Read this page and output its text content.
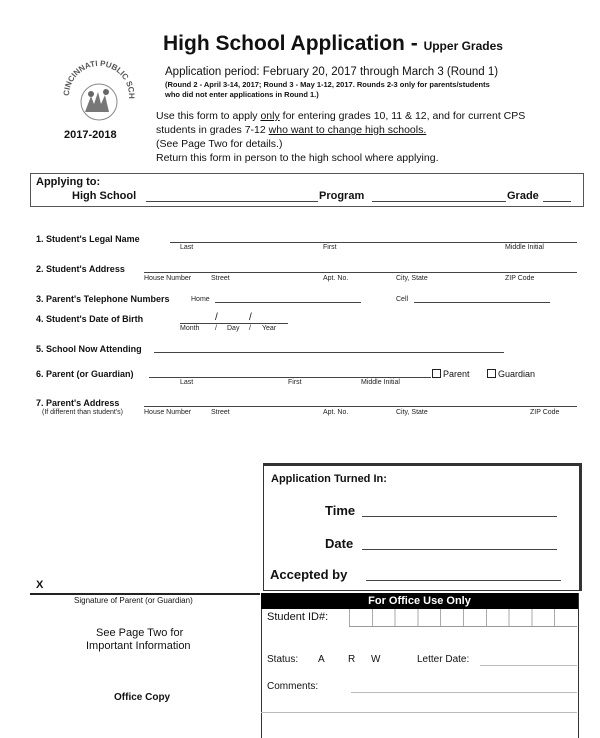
High School Application - Upper Grades
CINCINNATI PUBLIC SCH
2017-2018
Application period: February 20, 2017 through March 3 (Round 1)
(Round 2 - April 3-14, 2017; Round 3 - May 1-12, 2017. Rounds 2-3 only for parents/students
who did not enter applications in Round 1.)
Use this form to apply only for entering grades 10, 11 & 12, and for current CPS
students in grades 7-12 who want to change high schools.
(See Page Two for details.)
Return this form in person to the high school where applying.
Applying to:
High School	Program	Grade
1. Student's Legal Name
Last	First	Middle Initial
2. Student's Address
House Number	Street	Apt. No.	City, State	ZIP Code
3. Parent's Telephone Numbers	Home	Cell
4. Student's Date of Birth	/	/
Month / Day / Year
5. School Now Attending
6. Parent (or Guardian)
Last	First	Middle Initial
Parent	Guardian
7. Parent's Address
(If different than student's)	House Number	Street	Apt. No.	City, State	ZIP Code
Application Turned In:
Time
Date
Accepted by
X
Signature of Parent (or Guardian)
See Page Two for
Important Information
Office Copy
For Office Use Only
Student ID#:
Status: A R W	Letter Date:
Comments:
